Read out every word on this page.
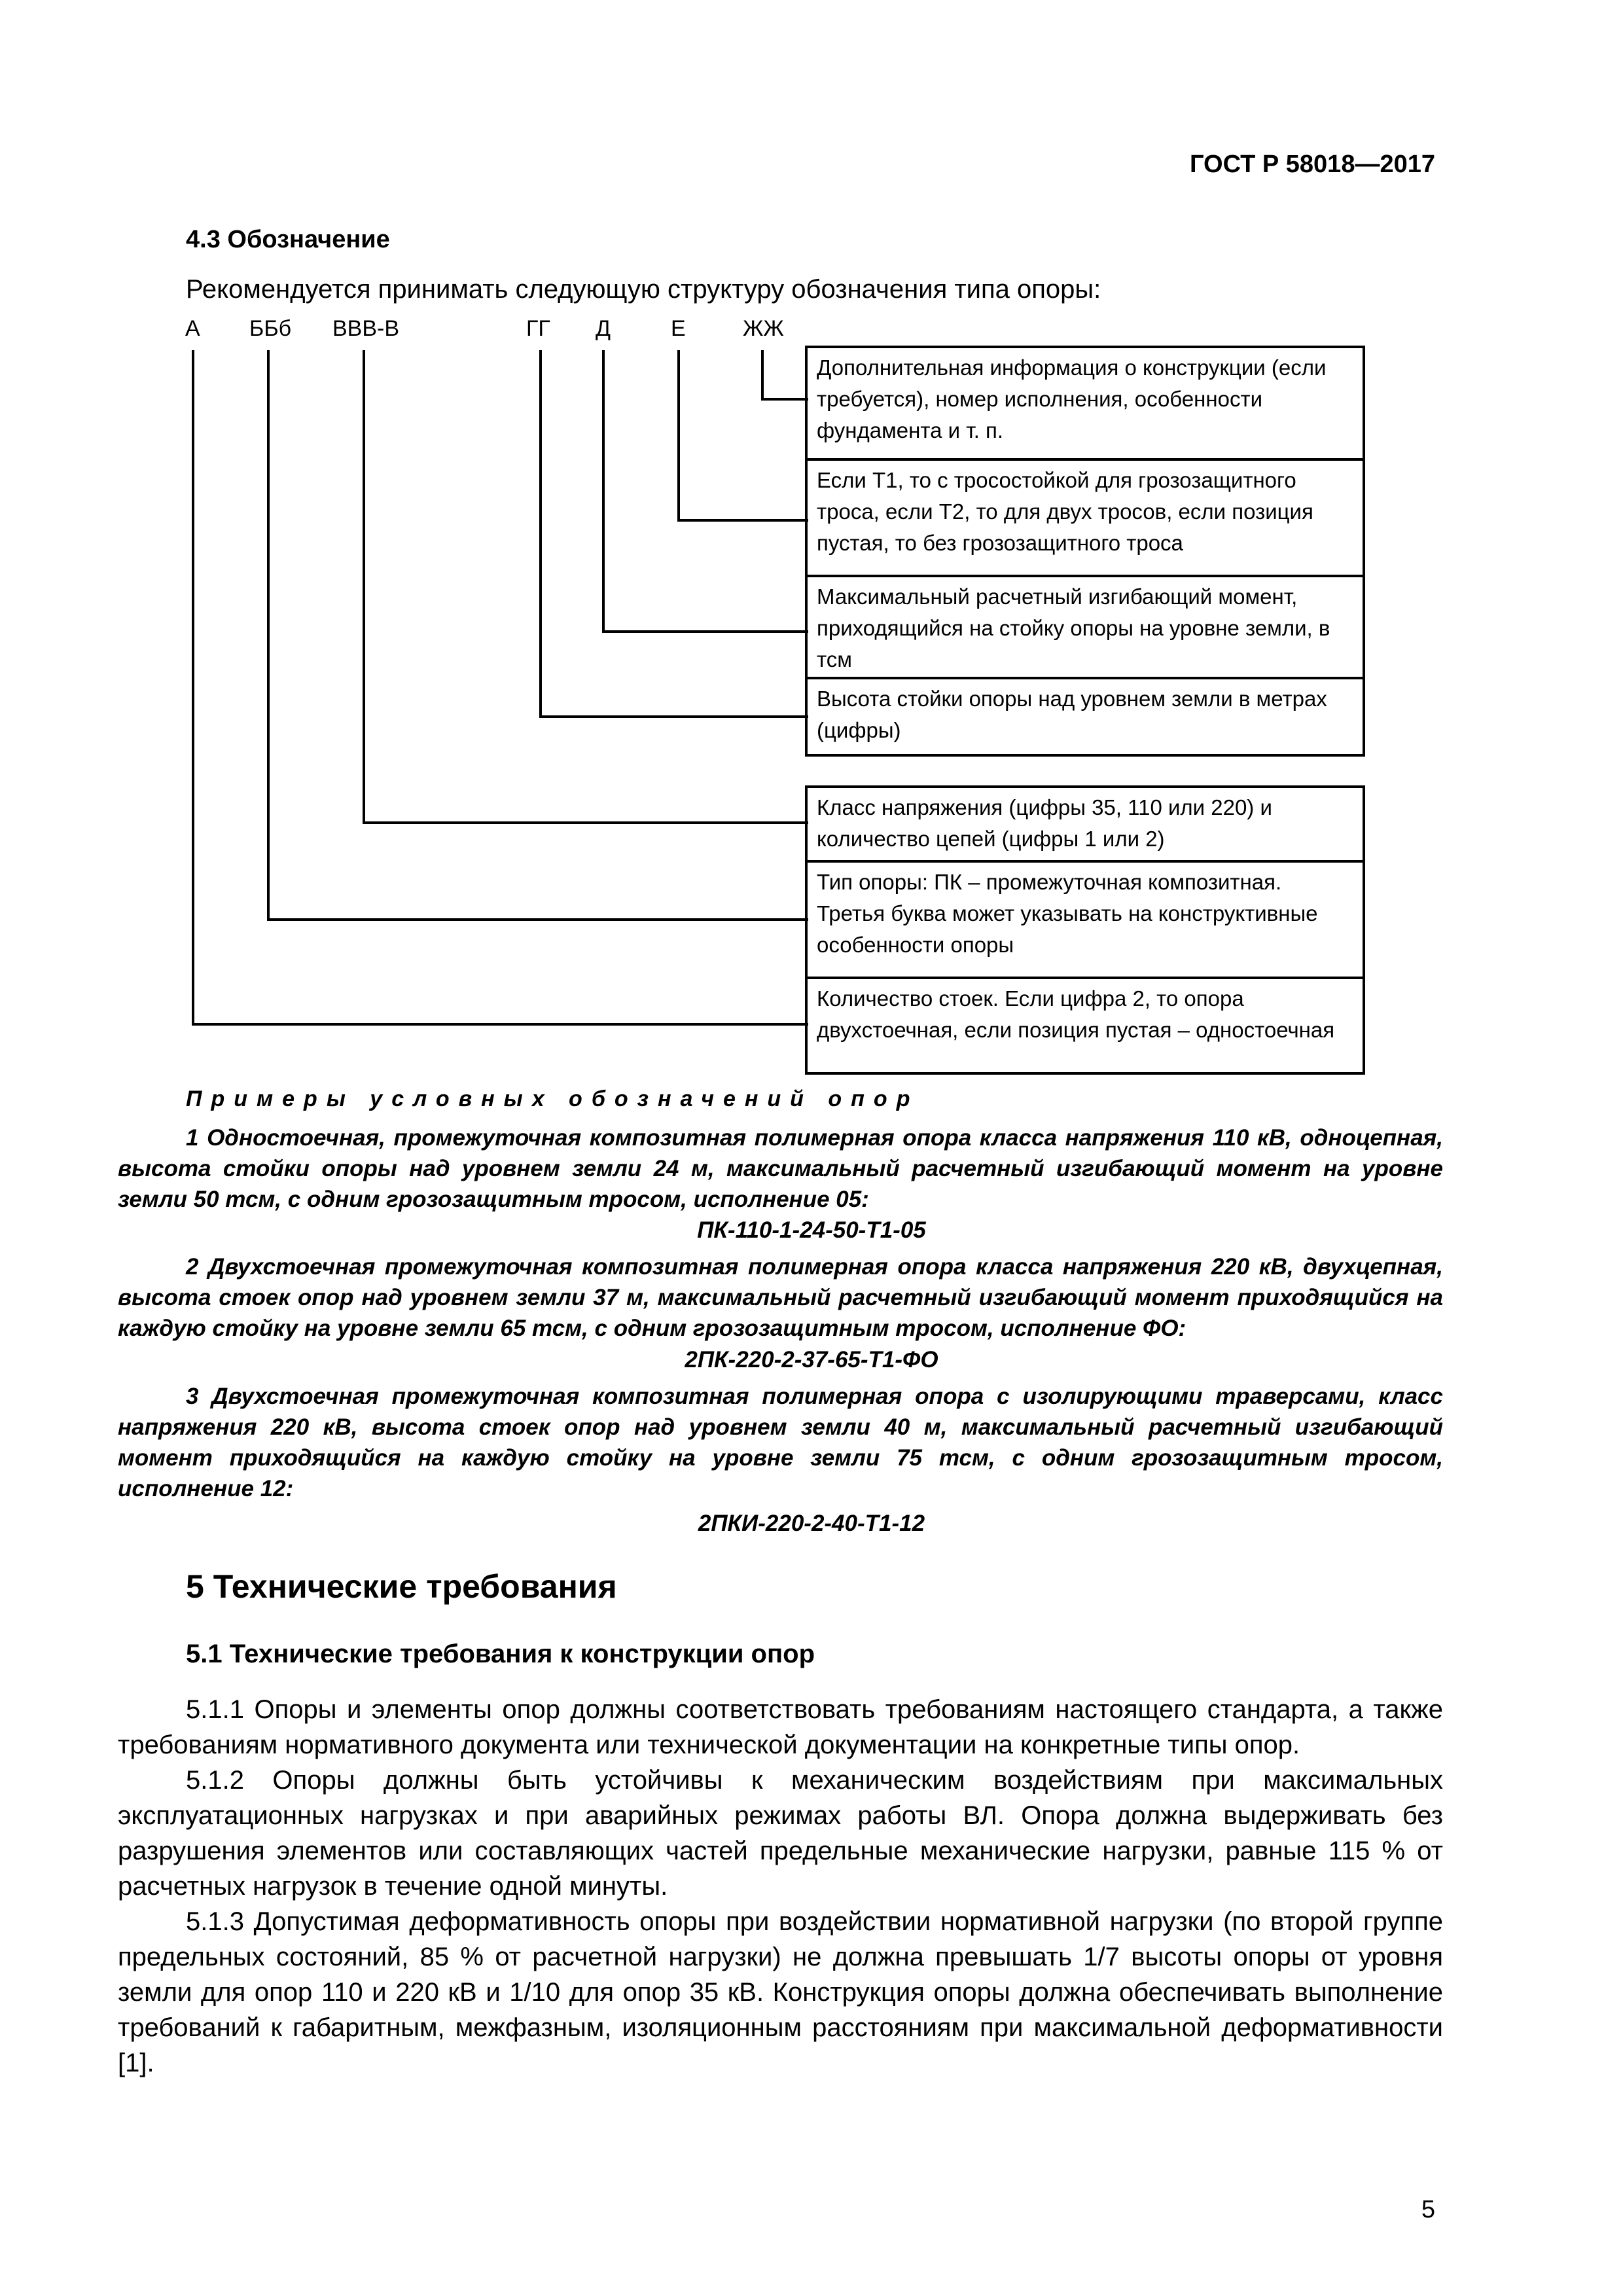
ГОСТ Р 58018—2017
4.3 Обозначение
Рекомендуется принимать следующую структуру обозначения типа опоры:
А ББб ВВВ-В	ГГ Д	Е	ЖЖ
Дополнительная информация о конструкции (если требуется), номер исполнения, особенности фундамента и т. п.
Если Т1, то с тросостойкой для грозозащитного троса, если Т2, то для двух тросов, если позиция пустая, то без грозозащитного троса
Максимальный расчетный изгибающий момент, приходящийся на стойку опоры на уровне земли, в тсм
Высота стойки опоры над уровнем земли в метрах (цифры)
Класс напряжения (цифры 35, 110 или 220) и количество цепей (цифры 1 или 2)
Тип опоры: ПК – промежуточная композитная. Третья буква может указывать на конструктивные особенности опоры
Количество стоек. Если цифра 2, то опора двухстоечная, если позиция пустая – одностоечная
Примеры условных обозначений опор
1 Одностоечная, промежуточная композитная полимерная опора класса напряжения 110 кВ, одноцепная, высота стойки опоры над уровнем земли 24 м, максимальный расчетный изгибающий момент на уровне земли 50 тсм, с одним грозозащитным тросом, исполнение 05:
ПК-110-1-24-50-Т1-05
2 Двухстоечная промежуточная композитная полимерная опора класса напряжения 220 кВ, двухцепная, высота стоек опор над уровнем земли 37 м, максимальный расчетный изгибающий момент приходящийся на каждую стойку на уровне земли 65 тсм, с одним грозозащитным тросом, исполнение ФО:
2ПК-220-2-37-65-Т1-ФО
3 Двухстоечная промежуточная композитная полимерная опора с изолирующими траверсами, класс напряжения 220 кВ, высота стоек опор над уровнем земли 40 м, максимальный расчетный изгибающий момент приходящийся на каждую стойку на уровне земли 75 тсм, с одним грозозащитным тросом, исполнение 12:
2ПКИ-220-2-40-Т1-12
5 Технические требования
5.1 Технические требования к конструкции опор
5.1.1 Опоры и элементы опор должны соответствовать требованиям настоящего стандарта, а также требованиям нормативного документа или технической документации на конкретные типы опор.
5.1.2 Опоры должны быть устойчивы к механическим воздействиям при максимальных эксплуатационных нагрузках и при аварийных режимах работы ВЛ. Опора должна выдерживать без разрушения элементов или составляющих частей предельные механические нагрузки, равные 115 % от расчетных нагрузок в течение одной минуты.
5.1.3 Допустимая деформативность опоры при воздействии нормативной нагрузки (по второй группе предельных состояний, 85 % от расчетной нагрузки) не должна превышать 1/7 высоты опоры от уровня земли для опор 110 и 220 кВ и 1/10 для опор 35 кВ. Конструкция опоры должна обеспечивать выполнение требований к габаритным, межфазным, изоляционным расстояниям при максимальной деформативности [1].
5
